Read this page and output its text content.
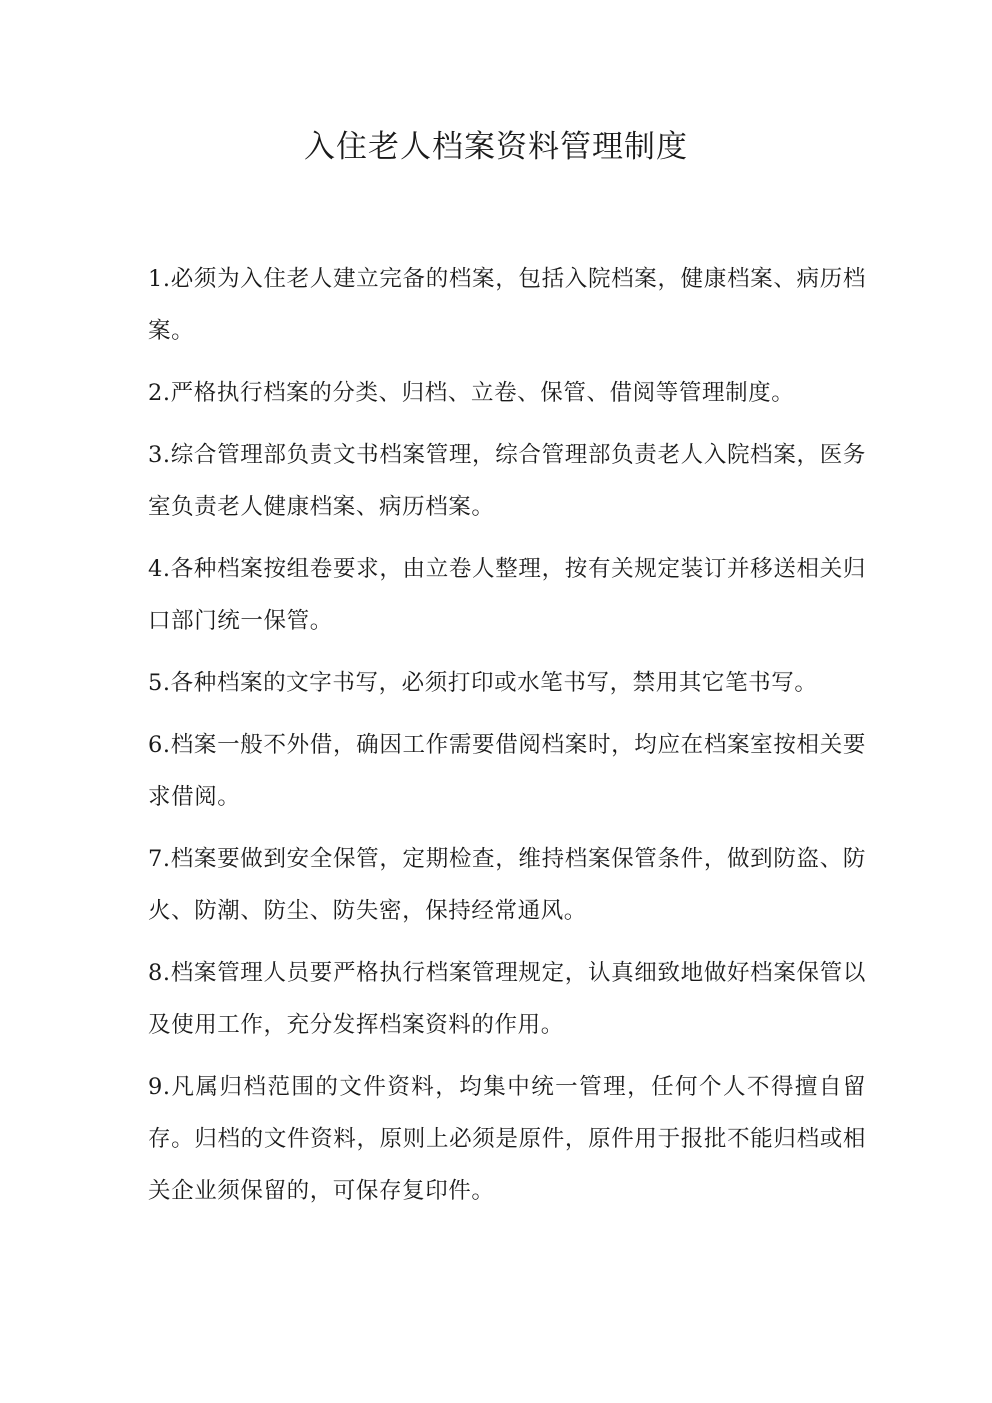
入住老人档案资料管理制度
1.必须为入住老人建立完备的档案，包括入院档案，健康档案、病历档案。
2.严格执行档案的分类、归档、立卷、保管、借阅等管理制度。
3.综合管理部负责文书档案管理，综合管理部负责老人入院档案，医务室负责老人健康档案、病历档案。
4.各种档案按组卷要求，由立卷人整理，按有关规定装订并移送相关归口部门统一保管。
5.各种档案的文字书写，必须打印或水笔书写，禁用其它笔书写。
6.档案一般不外借，确因工作需要借阅档案时，均应在档案室按相关要求借阅。
7.档案要做到安全保管，定期检查，维持档案保管条件，做到防盗、防火、防潮、防尘、防失密，保持经常通风。
8.档案管理人员要严格执行档案管理规定，认真细致地做好档案保管以及使用工作，充分发挥档案资料的作用。
9.凡属归档范围的文件资料，均集中统一管理，任何个人不得擅自留存。归档的文件资料，原则上必须是原件，原件用于报批不能归档或相关企业须保留的，可保存复印件。
